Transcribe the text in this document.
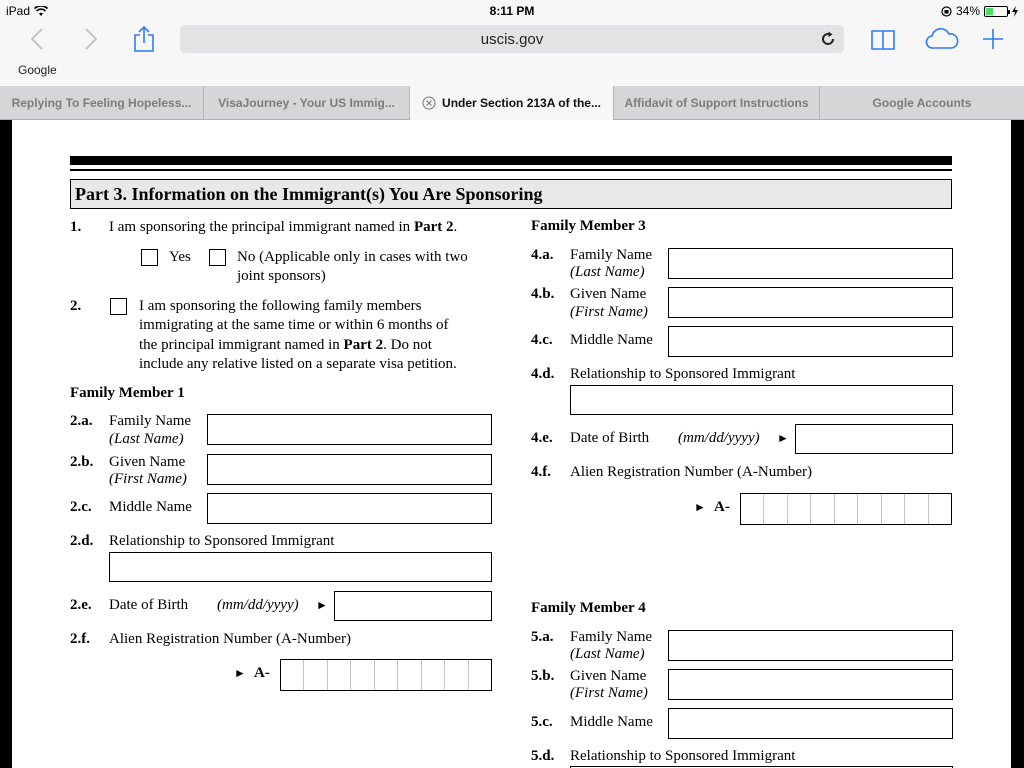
iPad	8:11 PM	34%
uscis.gov
Google
Replying To Feeling Hopeless... VisaJourney - Your US Immig...	Under Section 213A of the... Affidavit of Support Instructions	Google Accounts
Part 3. Information on the Immigrant(s) You Are Sponsoring
1. I am sponsoring the principal immigrant named in Part 2.
Yes	No (Applicable only in cases with two
joint sponsors)
2.	I am sponsoring the following family members
immigrating at the same time or within 6 months of
the principal immigrant named in Part 2. Do not
include any relative listed on a separate visa petition.
Family Member 1
2.a. Family Name
(Last Name)
2.b. Given Name
(First Name)
2.c. Middle Name
2.d. Relationship to Sponsored Immigrant
2.e. Date of Birth (mm/dd/yyyy) ►
2.f. Alien Registration Number (A-Number)
► A-
Family Member 3
4.a. Family Name
(Last Name)
4.b. Given Name
(First Name)
4.c. Middle Name
4.d. Relationship to Sponsored Immigrant
4.e. Date of Birth (mm/dd/yyyy) ►
4.f. Alien Registration Number (A-Number)
► A-
Family Member 4
5.a. Family Name
(Last Name)
5.b. Given Name
(First Name)
5.c. Middle Name
5.d. Relationship to Sponsored Immigrant
